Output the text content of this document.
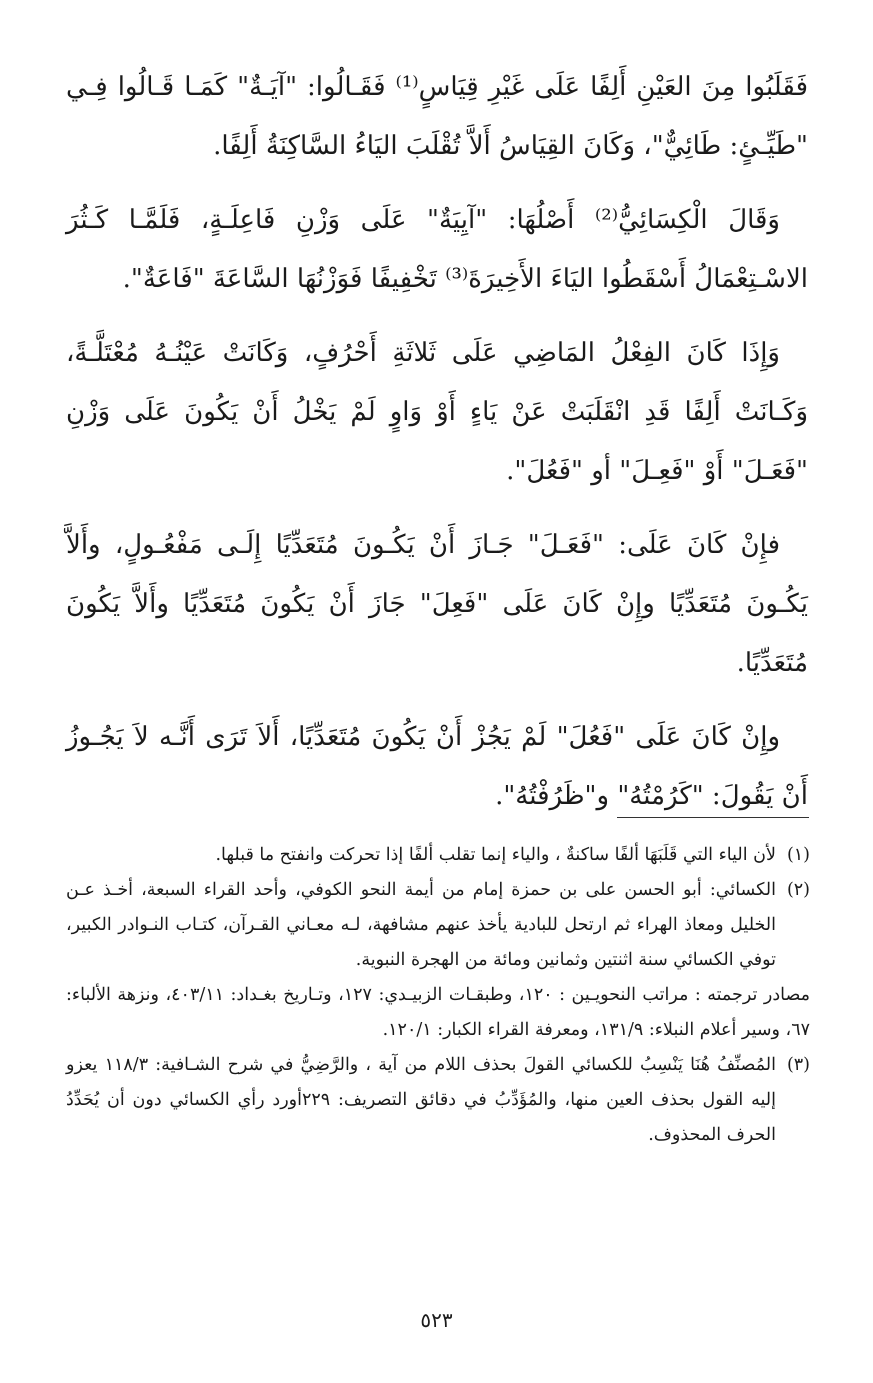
فَقَلَبُوا مِنَ العَيْنِ أَلِفًا عَلَى غَيْرِ قِيَاسٍ⁽¹⁾ فَقَـالُوا: "آيَـةٌ" كَمَـا قَـالُوا فِـي "طَيِّـئٍ: طَائِيٌّ"، وَكَانَ القِيَاسُ أَلاَّ تُقْلَبَ اليَاءُ السَّاكِنَةُ أَلِفًا.

وَقَالَ الْكِسَائِيُّ⁽²⁾ أَصْلُهَا: "آيِيَةٌ" عَلَى وَزْنِ فَاعِلَـةٍ، فَلَمَّـا كَـثُرَ الاسْـتِعْمَالُ أَسْقَطُوا اليَاءَ الأَخِيرَةَ⁽³⁾ تَخْفِيفًا فَوَزْنُهَا السَّاعَةَ "فَاعَةٌ".

وَإِذَا كَانَ الفِعْلُ المَاضِي عَلَى ثَلاثَةِ أَحْرُفٍ، وَكَانَتْ عَيْنُـهُ مُعْتَلَّـةً، وَكَـانَتْ أَلِفًا قَدِ انْقَلَبَتْ عَنْ يَاءٍ أَوْ وَاوٍ لَمْ يَخْلُ أَنْ يَكُونَ عَلَى وَزْنِ "فَعَـلَ" أَوْ "فَعِـلَ" أو "فَعُلَ".

فإِنْ كَانَ عَلَى: "فَعَـلَ" جَـازَ أَنْ يَكُـونَ مُتَعَدِّيًا إِلَـى مَفْعُـولٍ، وأَلاَّ يَكُـونَ مُتَعَدِّيًا وإِنْ كَانَ عَلَى "فَعِلَ" جَازَ أَنْ يَكُونَ مُتَعَدِّيًا وأَلاَّ يَكُونَ مُتَعَدِّيًا.

وإِنْ كَانَ عَلَى "فَعُلَ" لَمْ يَجُزْ أَنْ يَكُونَ مُتَعَدِّيًا، أَلاَ تَرَى أَنَّـه لاَ يَجُـوزُ أَنْ يَقُولَ: "كَرُمْتُهُ" و"ظَرُفْتُهُ".

(١)
لأن الياء التي قَلَبَهَا ألفًا ساكنةٌ ، والياء إنما تقلب ألفًا إذا تحركت وانفتح ما قبلها.
(٢)
الكسائي: أبو الحسن على بن حمزة إمام من أيمة النحو الكوفي، وأحد القراء السبعة، أخـذ عـن الخليل ومعاذ الهراء ثم ارتحل للبادية يأخذ عنهم مشافهة، لـه معـاني القـرآن، كتـاب النـوادر الكبير، توفي الكسائي سنة اثنتين وثمانين ومائة من الهجرة النبوية.

مصادر ترجمته : مراتب النحويـين : ١٢٠، وطبقـات الزبيـدي: ١٢٧، وتـاريخ بغـداد: ٤٠٣/١١، ونزهة الألباء: ٦٧، وسير أعلام النبلاء: ١٣١/٩، ومعرفة القراء الكبار: ١٢٠/١.

(٣)
المُصنِّفُ هُنَا يَنْسِبُ للكسائي القولَ بحذف اللام من آية ، والرَّضِيُّ في شرح الشـافية: ١١٨/٣ يعزو إليه القول بحذف العين منها، والمُؤَدِّبُ في دقائق التصريف: ٢٢٩أورد رأي الكسائي دون أن يُحَدِّدُ الحرف المحذوف.
٥٢٣
